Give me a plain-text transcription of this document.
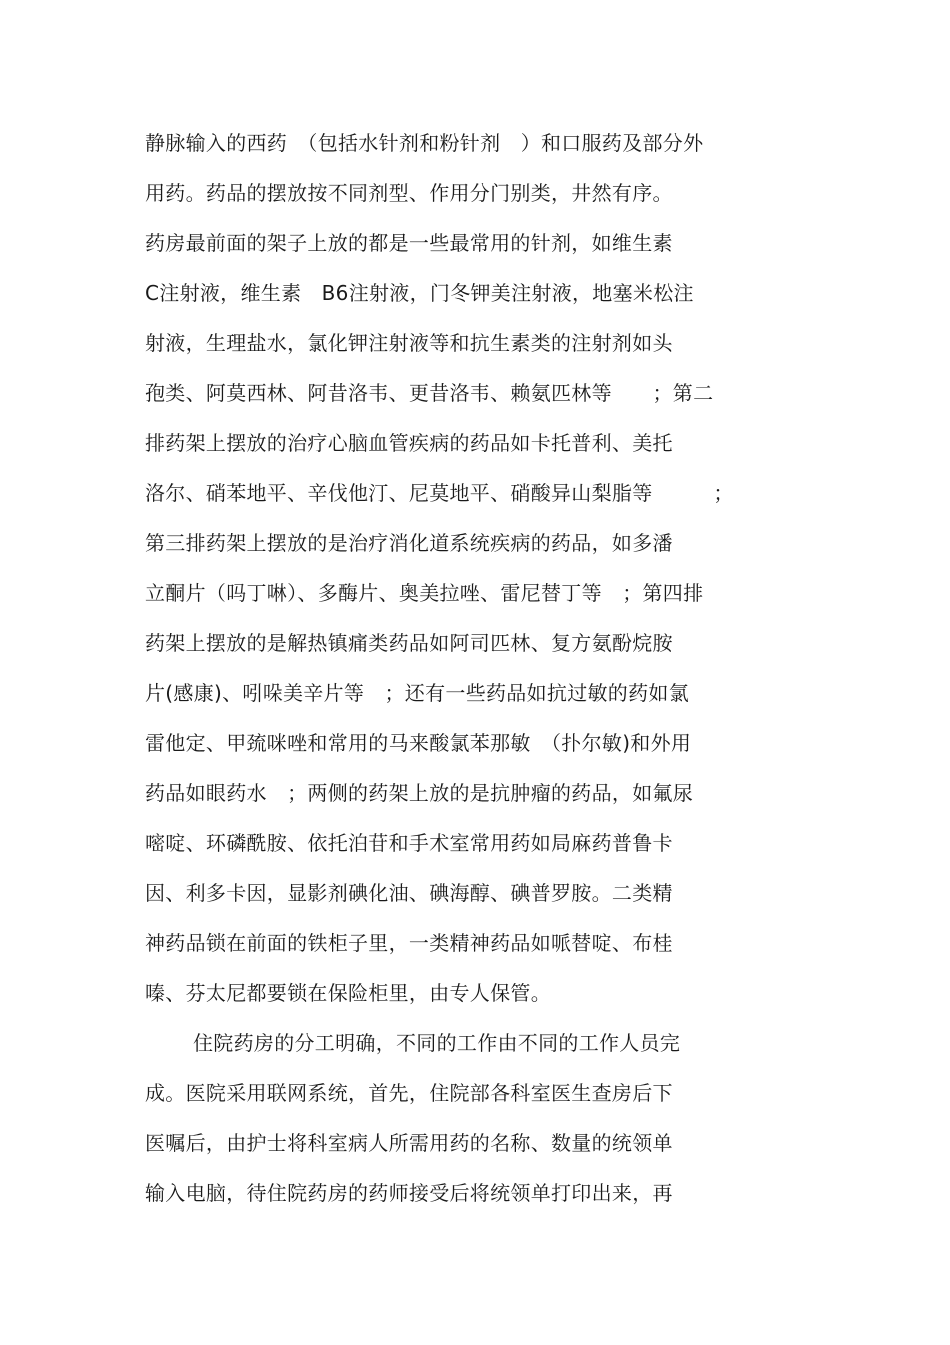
静脉输入的西药　（包括水针剂和粉针剂　）和口服药及部分外
用药。药品的摆放按不同剂型、作用分门别类，井然有序。
药房最前面的架子上放的都是一些最常用的针剂，如维生素
C注射液，维生素　B6注射液，门冬钾美注射液，地塞米松注
射液，生理盐水，氯化钾注射液等和抗生素类的注射剂如头
孢类、阿莫西林、阿昔洛韦、更昔洛韦、赖氨匹林等　　；第二
排药架上摆放的治疗心脑血管疾病的药品如卡托普利、美托
洛尔、硝苯地平、辛伐他汀、尼莫地平、硝酸异山梨脂等　　　；
第三排药架上摆放的是治疗消化道系统疾病的药品，如多潘
立酮片（吗丁啉）、多酶片、奥美拉唑、雷尼替丁等　；第四排
药架上摆放的是解热镇痛类药品如阿司匹林、复方氨酚烷胺
片(感康)、吲哚美辛片等　；还有一些药品如抗过敏的药如氯
雷他定、甲巯咪唑和常用的马来酸氯苯那敏　（扑尔敏)和外用
药品如眼药水　；两侧的药架上放的是抗肿瘤的药品，如氟尿
嘧啶、环磷酰胺、依托泊苷和手术室常用药如局麻药普鲁卡
因、利多卡因，显影剂碘化油、碘海醇、碘普罗胺。二类精
神药品锁在前面的铁柜子里，一类精神药品如哌替啶、布桂
嗪、芬太尼都要锁在保险柜里，由专人保管。
住院药房的分工明确，不同的工作由不同的工作人员完
成。医院采用联网系统，首先，住院部各科室医生查房后下
医嘱后，由护士将科室病人所需用药的名称、数量的统领单
输入电脑，待住院药房的药师接受后将统领单打印出来，再
